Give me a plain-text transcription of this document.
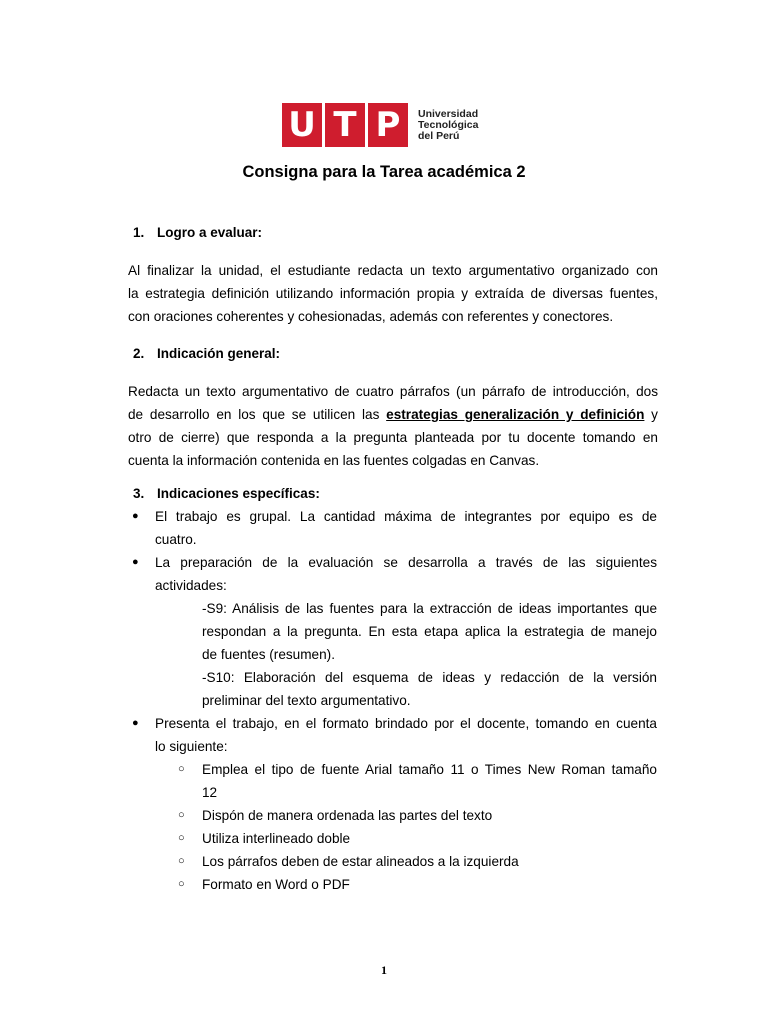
U T P	Universidad
Tecnológica
del Perú
Consigna para la Tarea académica 2
1. Logro a evaluar:
Al finalizar la unidad, el estudiante redacta un texto argumentativo organizado con
la estrategia definición utilizando información propia y extraída de diversas fuentes,
con oraciones coherentes y cohesionadas, además con referentes y conectores.
2. Indicación general:
Redacta un texto argumentativo de cuatro párrafos (un párrafo de introducción, dos
de desarrollo en los que se utilicen las estrategias generalización y definición y
otro de cierre) que responda a la pregunta planteada por tu docente tomando en
cuenta la información contenida en las fuentes colgadas en Canvas.
3. Indicaciones específicas:
● El trabajo es grupal. La cantidad máxima de integrantes por equipo es de
cuatro.
● La preparación de la evaluación se desarrolla a través de las siguientes
actividades:
-S9: Análisis de las fuentes para la extracción de ideas importantes que
respondan a la pregunta. En esta etapa aplica la estrategia de manejo
de fuentes (resumen).
-S10: Elaboración del esquema de ideas y redacción de la versión
preliminar del texto argumentativo.
● Presenta el trabajo, en el formato brindado por el docente, tomando en cuenta
lo siguiente:
○ Emplea el tipo de fuente Arial tamaño 11 o Times New Roman tamaño
12
○ Dispón de manera ordenada las partes del texto
○ Utiliza interlineado doble
○ Los párrafos deben de estar alineados a la izquierda
○ Formato en Word o PDF
1
